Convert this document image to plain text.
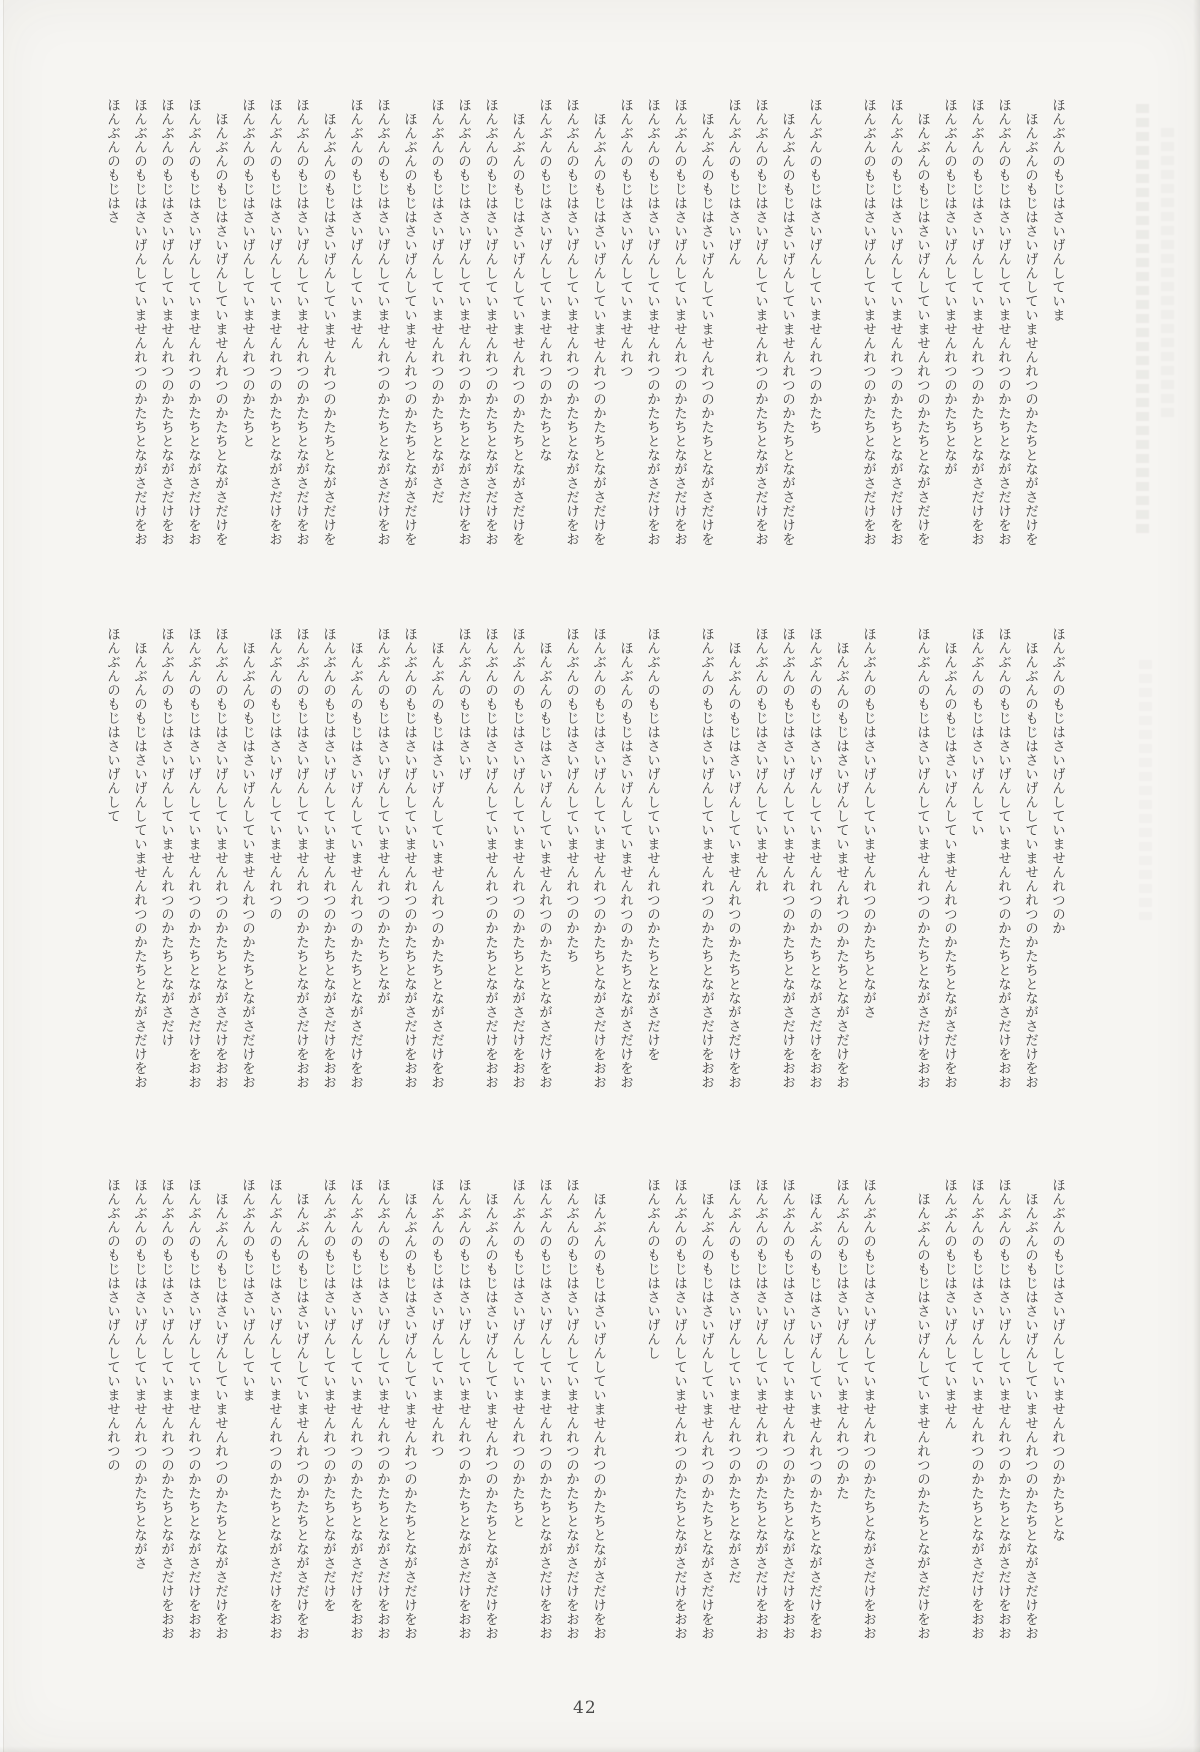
ほんぶんのもじはさいげんしていま
ほんぶんのもじはさいげんしていませんれつのかたちとながさだけを
ほんぶんのもじはさいげんしていませんれつのかたちとながさだけをお
ほんぶんのもじはさいげんしていませんれつのかたちとながさだけをお
ほんぶんのもじはさいげんしていませんれつのかたちとなが
ほんぶんのもじはさいげんしていませんれつのかたちとながさだけを
ほんぶんのもじはさいげんしていませんれつのかたちとながさだけをお
ほんぶんのもじはさいげんしていませんれつのかたちとながさだけをお
ほんぶんのもじはさいげんしていませんれつのかたち
ほんぶんのもじはさいげんしていませんれつのかたちとながさだけを
ほんぶんのもじはさいげんしていませんれつのかたちとながさだけをお
ほんぶんのもじはさいげん
ほんぶんのもじはさいげんしていませんれつのかたちとながさだけを
ほんぶんのもじはさいげんしていませんれつのかたちとながさだけをお
ほんぶんのもじはさいげんしていませんれつのかたちとながさだけをお
ほんぶんのもじはさいげんしていませんれつ
ほんぶんのもじはさいげんしていませんれつのかたちとながさだけを
ほんぶんのもじはさいげんしていませんれつのかたちとながさだけをお
ほんぶんのもじはさいげんしていませんれつのかたちとな
ほんぶんのもじはさいげんしていませんれつのかたちとながさだけを
ほんぶんのもじはさいげんしていませんれつのかたちとながさだけをお
ほんぶんのもじはさいげんしていませんれつのかたちとながさだけをお
ほんぶんのもじはさいげんしていませんれつのかたちとながさだ
ほんぶんのもじはさいげんしていませんれつのかたちとながさだけを
ほんぶんのもじはさいげんしていませんれつのかたちとながさだけをお
ほんぶんのもじはさいげんしていません
ほんぶんのもじはさいげんしていませんれつのかたちとながさだけを
ほんぶんのもじはさいげんしていませんれつのかたちとながさだけをお
ほんぶんのもじはさいげんしていませんれつのかたちとながさだけをお
ほんぶんのもじはさいげんしていませんれつのかたちと
ほんぶんのもじはさいげんしていませんれつのかたちとながさだけを
ほんぶんのもじはさいげんしていませんれつのかたちとながさだけをお
ほんぶんのもじはさいげんしていませんれつのかたちとながさだけをお
ほんぶんのもじはさいげんしていませんれつのかたちとながさだけをお
ほんぶんのもじはさ
ほんぶんのもじはさいげんしていませんれつのか
ほんぶんのもじはさいげんしていませんれつのかたちとながさだけをお
ほんぶんのもじはさいげんしていませんれつのかたちとながさだけをおお
ほんぶんのもじはさいげんしてい
ほんぶんのもじはさいげんしていませんれつのかたちとながさだけをお
ほんぶんのもじはさいげんしていませんれつのかたちとながさだけをおお
ほんぶんのもじはさいげんしていませんれつのかたちとながさ
ほんぶんのもじはさいげんしていませんれつのかたちとながさだけをお
ほんぶんのもじはさいげんしていませんれつのかたちとながさだけをおお
ほんぶんのもじはさいげんしていませんれつのかたちとながさだけをおお
ほんぶんのもじはさいげんしていませんれ
ほんぶんのもじはさいげんしていませんれつのかたちとながさだけをお
ほんぶんのもじはさいげんしていませんれつのかたちとながさだけをおお
ほんぶんのもじはさいげんしていませんれつのかたちとながさだけを
ほんぶんのもじはさいげんしていませんれつのかたちとながさだけをお
ほんぶんのもじはさいげんしていませんれつのかたちとながさだけをおお
ほんぶんのもじはさいげんしていませんれつのかたち
ほんぶんのもじはさいげんしていませんれつのかたちとながさだけをお
ほんぶんのもじはさいげんしていませんれつのかたちとながさだけをおお
ほんぶんのもじはさいげんしていませんれつのかたちとながさだけをおお
ほんぶんのもじはさいげ
ほんぶんのもじはさいげんしていませんれつのかたちとながさだけをお
ほんぶんのもじはさいげんしていませんれつのかたちとながさだけをおお
ほんぶんのもじはさいげんしていませんれつのかたちとなが
ほんぶんのもじはさいげんしていませんれつのかたちとながさだけをお
ほんぶんのもじはさいげんしていませんれつのかたちとながさだけをおお
ほんぶんのもじはさいげんしていませんれつのかたちとながさだけをおお
ほんぶんのもじはさいげんしていませんれつの
ほんぶんのもじはさいげんしていませんれつのかたちとながさだけをお
ほんぶんのもじはさいげんしていませんれつのかたちとながさだけをおお
ほんぶんのもじはさいげんしていませんれつのかたちとながさだけをおお
ほんぶんのもじはさいげんしていませんれつのかたちとながさだけ
ほんぶんのもじはさいげんしていませんれつのかたちとながさだけをお
ほんぶんのもじはさいげんして
ほんぶんのもじはさいげんしていませんれつのかたちとな
ほんぶんのもじはさいげんしていませんれつのかたちとながさだけをお
ほんぶんのもじはさいげんしていませんれつのかたちとながさだけをおお
ほんぶんのもじはさいげんしていませんれつのかたちとながさだけをおお
ほんぶんのもじはさいげんしていません
ほんぶんのもじはさいげんしていませんれつのかたちとながさだけをお
ほんぶんのもじはさいげんしていませんれつのかたちとながさだけをおお
ほんぶんのもじはさいげんしていませんれつのかた
ほんぶんのもじはさいげんしていませんれつのかたちとながさだけをお
ほんぶんのもじはさいげんしていませんれつのかたちとながさだけをおお
ほんぶんのもじはさいげんしていませんれつのかたちとながさだけをおお
ほんぶんのもじはさいげんしていませんれつのかたちとながさだ
ほんぶんのもじはさいげんしていませんれつのかたちとながさだけをお
ほんぶんのもじはさいげんしていませんれつのかたちとながさだけをおお
ほんぶんのもじはさいげんし
ほんぶんのもじはさいげんしていませんれつのかたちとながさだけをお
ほんぶんのもじはさいげんしていませんれつのかたちとながさだけをおお
ほんぶんのもじはさいげんしていませんれつのかたちとながさだけをおお
ほんぶんのもじはさいげんしていませんれつのかたちと
ほんぶんのもじはさいげんしていませんれつのかたちとながさだけをお
ほんぶんのもじはさいげんしていませんれつのかたちとながさだけをおお
ほんぶんのもじはさいげんしていませんれつ
ほんぶんのもじはさいげんしていませんれつのかたちとながさだけをお
ほんぶんのもじはさいげんしていませんれつのかたちとながさだけをおお
ほんぶんのもじはさいげんしていませんれつのかたちとながさだけをおお
ほんぶんのもじはさいげんしていませんれつのかたちとながさだけを
ほんぶんのもじはさいげんしていませんれつのかたちとながさだけをお
ほんぶんのもじはさいげんしていませんれつのかたちとながさだけをおお
ほんぶんのもじはさいげんしていま
ほんぶんのもじはさいげんしていませんれつのかたちとながさだけをお
ほんぶんのもじはさいげんしていませんれつのかたちとながさだけをおお
ほんぶんのもじはさいげんしていませんれつのかたちとながさだけをおお
ほんぶんのもじはさいげんしていませんれつのかたちとながさ
ほんぶんのもじはさいげんしていませんれつの
42
